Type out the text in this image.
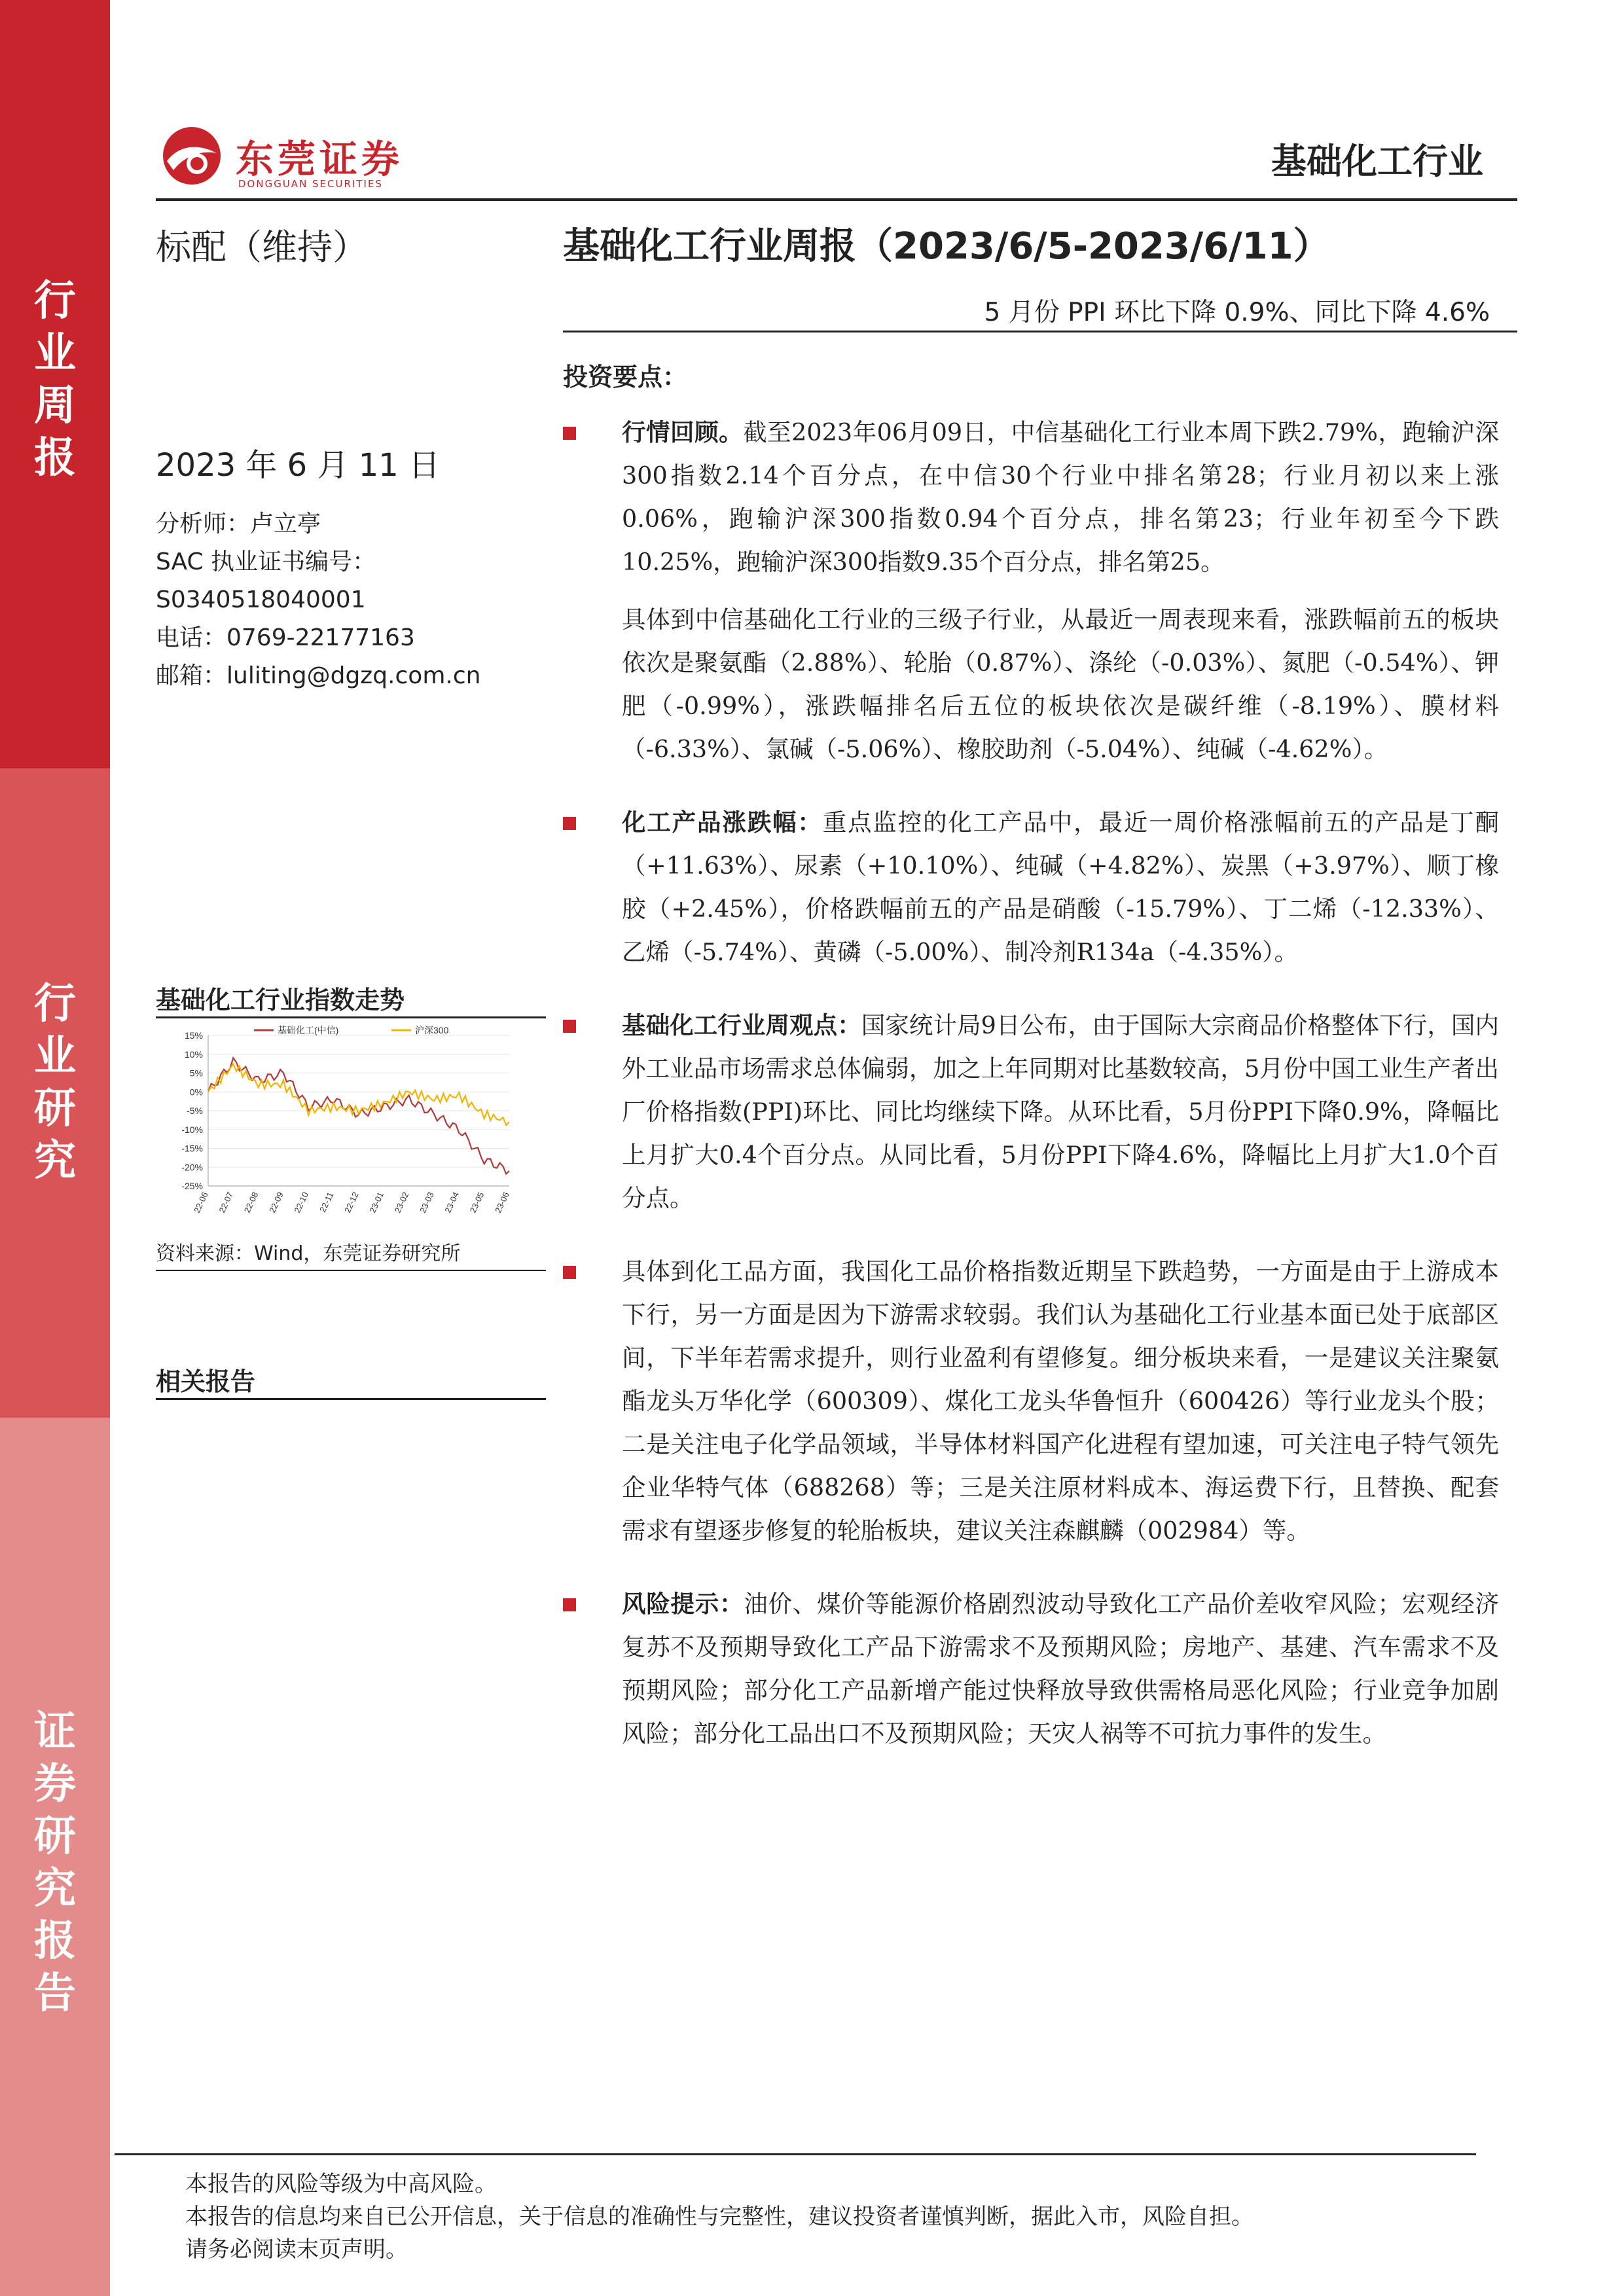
行
业
周
报
行
业
研
究
证
券
研
究
报
告
东莞证券
DONGGUAN SECURITIES
基础化工行业
标配（维持）	基础化工行业周报（2023/6/5-2023/6/11）
5 月份 PPI 环比下降 0.9%、同比下降 4.6%
2023 年 6 月 11 日
分析师：卢立亭
SAC 执业证书编号：
S0340518040001
电话：0769-22177163
邮箱：luliting@dgzq.com.cn
基础化工行业指数走势
15%
10%
5%
0%
-5%
-10%
-15%
-20%
-25%
22-06 22-07 22-08 22-09 22-10 22-11 22-12 23-01 23-02 23-03 23-04 23-05 23-06
基础化工(中信)	沪深300
资料来源：Wind，东莞证券研究所
相关报告
投资要点：
行情回顾。截至2023年06月09日，中信基础化工行业本周下跌2.79%，跑输沪深300指数2.14个百分点，在中信30个行业中排名第28；行业月初以来上涨0.06%，跑输沪深300指数0.94个百分点，排名第23；行业年初至今下跌10.25%，跑输沪深300指数9.35个百分点，排名第25。
具体到中信基础化工行业的三级子行业，从最近一周表现来看，涨跌幅前五的板块依次是聚氨酯（2.88%）、轮胎（0.87%）、涤纶（-0.03%）、氮肥（-0.54%）、钾肥（-0.99%），涨跌幅排名后五位的板块依次是碳纤维（-8.19%）、膜材料（-6.33%）、氯碱（-5.06%）、橡胶助剂（-5.04%）、纯碱（-4.62%）。
化工产品涨跌幅：重点监控的化工产品中，最近一周价格涨幅前五的产品是丁酮（+11.63%）、尿素（+10.10%）、纯碱（+4.82%）、炭黑（+3.97%）、顺丁橡胶（+2.45%），价格跌幅前五的产品是硝酸（-15.79%）、丁二烯（-12.33%）、乙烯（-5.74%）、黄磷（-5.00%）、制冷剂R134a（-4.35%）。
基础化工行业周观点：国家统计局9日公布，由于国际大宗商品价格整体下行，国内外工业品市场需求总体偏弱，加之上年同期对比基数较高，5月份中国工业生产者出厂价格指数(PPI)环比、同比均继续下降。从环比看，5月份PPI下降0.9%，降幅比上月扩大0.4个百分点。从同比看，5月份PPI下降4.6%，降幅比上月扩大1.0个百分点。
具体到化工品方面，我国化工品价格指数近期呈下跌趋势，一方面是由于上游成本下行，另一方面是因为下游需求较弱。我们认为基础化工行业基本面已处于底部区间，下半年若需求提升，则行业盈利有望修复。细分板块来看，一是建议关注聚氨酯龙头万华化学（600309）、煤化工龙头华鲁恒升（600426）等行业龙头个股；二是关注电子化学品领域，半导体材料国产化进程有望加速，可关注电子特气领先企业华特气体（688268）等；三是关注原材料成本、海运费下行，且替换、配套需求有望逐步修复的轮胎板块，建议关注森麒麟（002984）等。
风险提示：油价、煤价等能源价格剧烈波动导致化工产品价差收窄风险；宏观经济复苏不及预期导致化工产品下游需求不及预期风险；房地产、基建、汽车需求不及预期风险；部分化工产品新增产能过快释放导致供需格局恶化风险；行业竞争加剧风险；部分化工品出口不及预期风险；天灾人祸等不可抗力事件的发生。
本报告的风险等级为中高风险。
本报告的信息均来自已公开信息，关于信息的准确性与完整性，建议投资者谨慎判断，据此入市，风险自担。
请务必阅读末页声明。
